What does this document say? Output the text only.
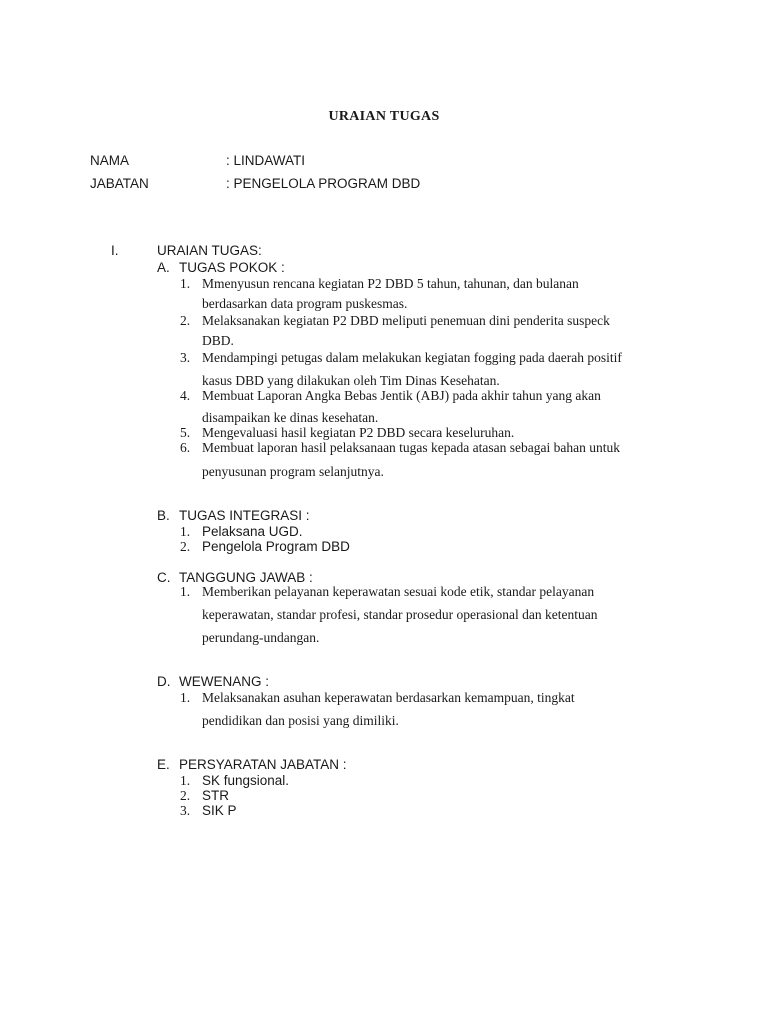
URAIAN TUGAS
NAMA	: LINDAWATI
JABATAN	: PENGELOLA PROGRAM DBD
I.	URAIAN TUGAS:
A. TUGAS POKOK :
1. Mmenyusun rencana kegiatan P2 DBD 5 tahun, tahunan, dan bulanan
berdasarkan data program puskesmas.
2. Melaksanakan kegiatan P2 DBD meliputi penemuan dini penderita suspeck
DBD.
3. Mendampingi petugas dalam melakukan kegiatan fogging pada daerah positif
kasus DBD yang dilakukan oleh Tim Dinas Kesehatan.
4. Membuat Laporan Angka Bebas Jentik (ABJ) pada akhir tahun yang akan
disampaikan ke dinas kesehatan.
5. Mengevaluasi hasil kegiatan P2 DBD secara keseluruhan.
6. Membuat laporan hasil pelaksanaan tugas kepada atasan sebagai bahan untuk
penyusunan program selanjutnya.
B. TUGAS INTEGRASI :
1. Pelaksana UGD.
2. Pengelola Program DBD
C. TANGGUNG JAWAB :
1. Memberikan pelayanan keperawatan sesuai kode etik, standar pelayanan
keperawatan, standar profesi, standar prosedur operasional dan ketentuan
perundang-undangan.
D. WEWENANG :
1. Melaksanakan asuhan keperawatan berdasarkan kemampuan, tingkat
pendidikan dan posisi yang dimiliki.
E. PERSYARATAN JABATAN :
1. SK fungsional.
2. STR
3. SIK P
